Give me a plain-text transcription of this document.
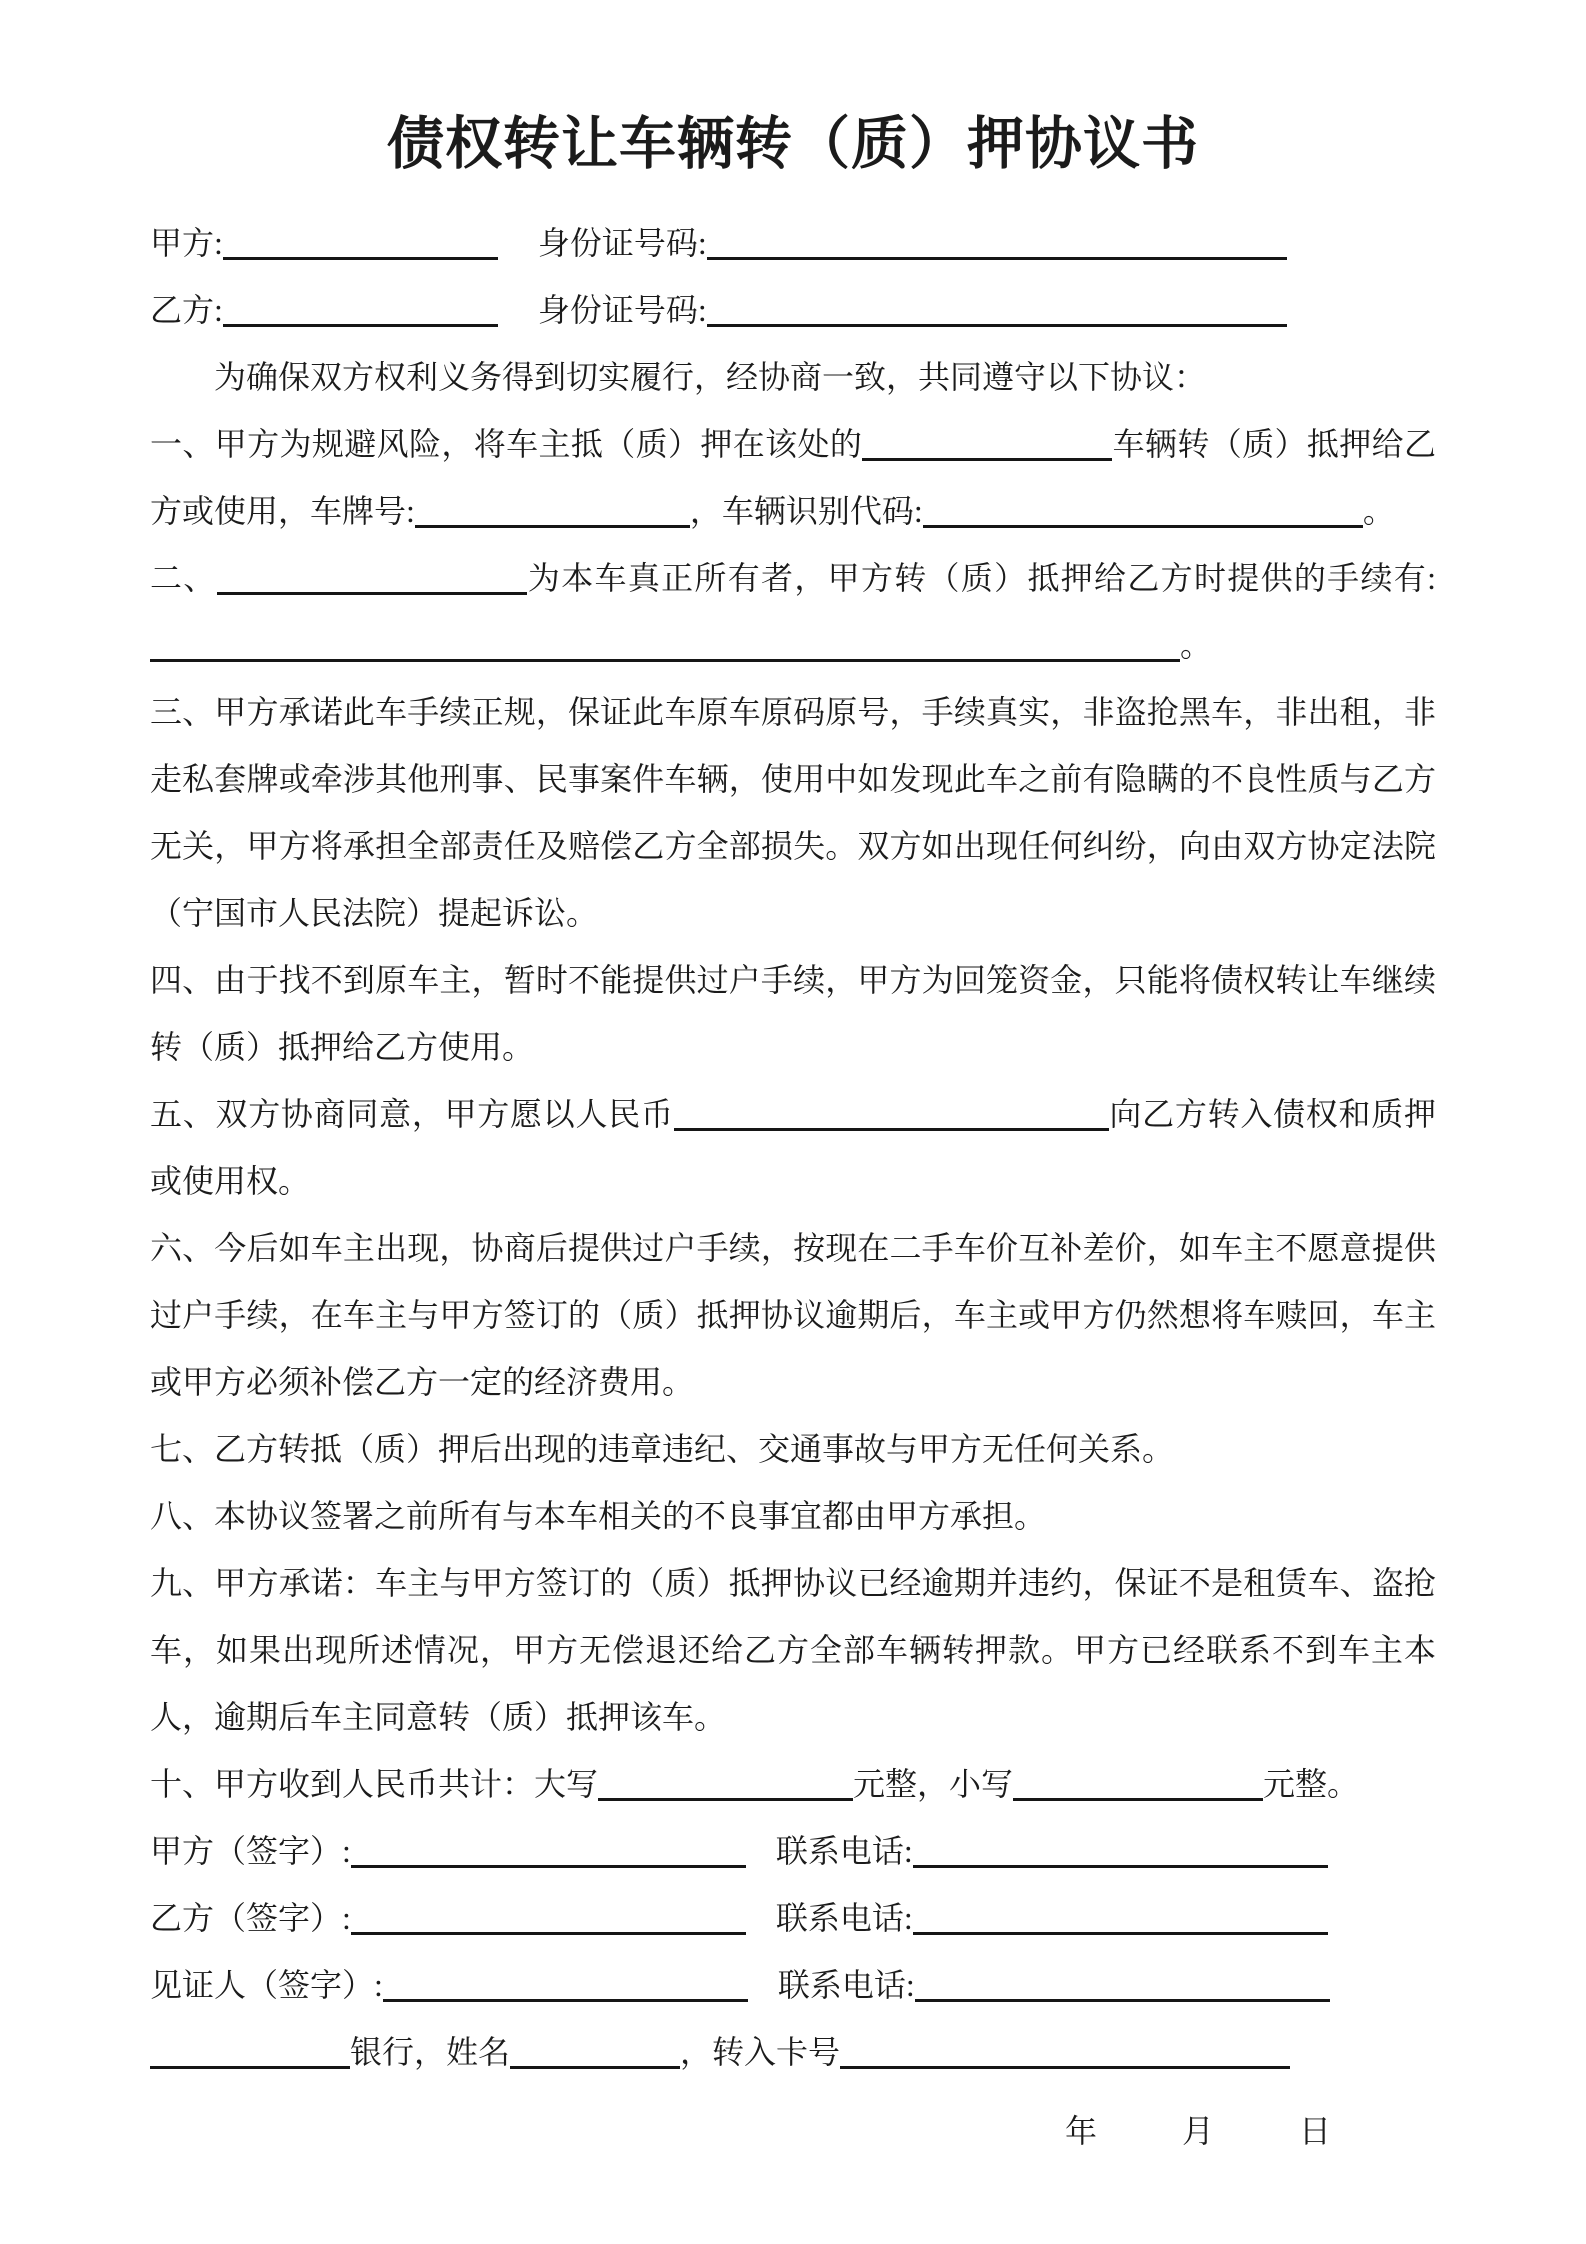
债权转让车辆转（质）押协议书

甲方:	身份证号码:

乙方:	身份证号码:

为确保双方权利义务得到切实履行，经协商一致，共同遵守以下协议：

一、甲方为规避风险，将车主抵（质）押在该处的	车辆转（质）抵押给乙方或使用，车牌号:	，车辆识别代码:	。

二、	为本车真正所有者，甲方转（质）抵押给乙方时提供的手续有:。

三、甲方承诺此车手续正规，保证此车原车原码原号，手续真实，非盗抢黑车，非出租，非走私套牌或牵涉其他刑事、民事案件车辆，使用中如发现此车之前有隐瞒的不良性质与乙方无关，甲方将承担全部责任及赔偿乙方全部损失。双方如出现任何纠纷，向由双方协定法院（宁国市人民法院）提起诉讼。

四、由于找不到原车主，暂时不能提供过户手续，甲方为回笼资金，只能将债权转让车继续转（质）抵押给乙方使用。

五、双方协商同意，甲方愿以人民币	向乙方转入债权和质押或使用权。

六、今后如车主出现，协商后提供过户手续，按现在二手车价互补差价，如车主不愿意提供过户手续，在车主与甲方签订的（质）抵押协议逾期后，车主或甲方仍然想将车赎回，车主或甲方必须补偿乙方一定的经济费用。

七、乙方转抵（质）押后出现的违章违纪、交通事故与甲方无任何关系。

八、本协议签署之前所有与本车相关的不良事宜都由甲方承担。

九、甲方承诺：车主与甲方签订的（质）抵押协议已经逾期并违约，保证不是租赁车、盗抢车，如果出现所述情况，甲方无偿退还给乙方全部车辆转押款。甲方已经联系不到车主本人，逾期后车主同意转（质）抵押该车。

十、甲方收到人民币共计：大写	元整，小写	元整。

甲方（签字）:	联系电话:

乙方（签字）:	联系电话:

见证人（签字）:	联系电话:

银行，姓名	，转入卡号

年	月	日
